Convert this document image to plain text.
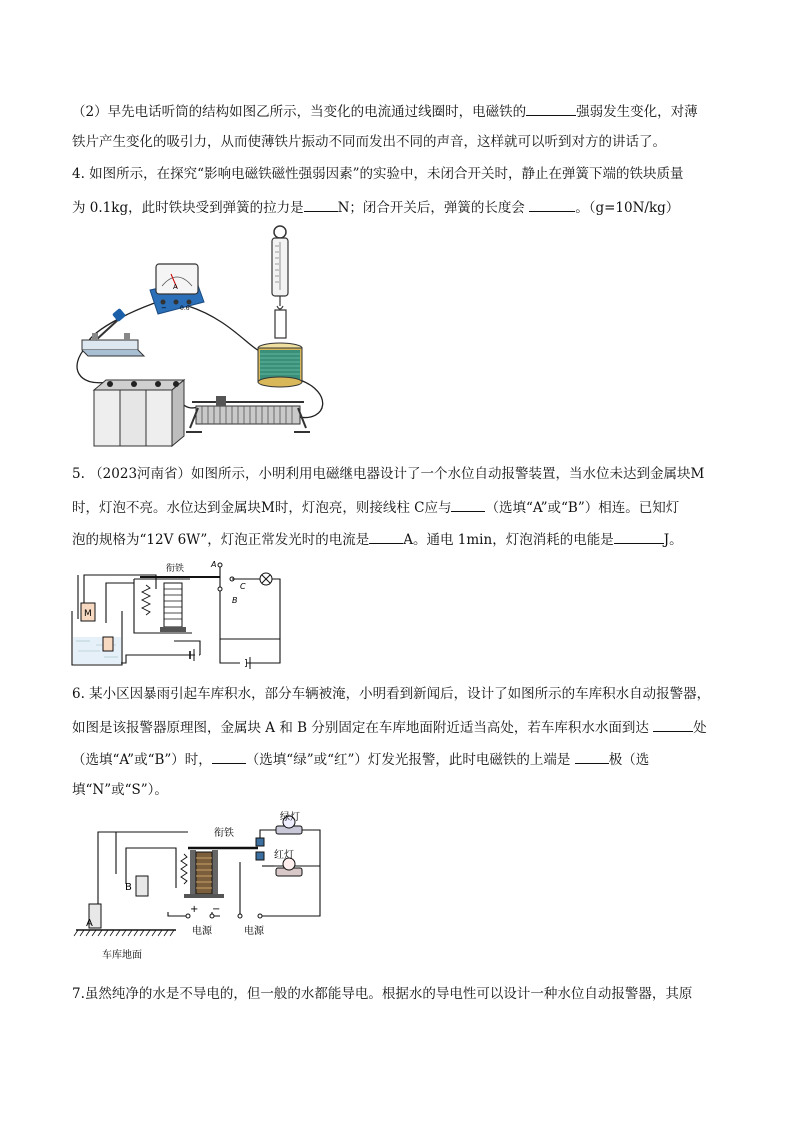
（2）早先电话听筒的结构如图乙所示，当变化的电流通过线圈时，电磁铁的	强弱发生变化，对薄
铁片产生变化的吸引力，从而使薄铁片振动不同而发出不同的声音，这样就可以听到对方的讲话了。
4. 如图所示，在探究“影响电磁铁磁性强弱因素”的实验中，未闭合开关时，静止在弹簧下端的铁块质量
为 0.1kg，此时铁块受到弹簧的拉力是	N；闭合开关后，弹簧的长度会	。（g=10N/kg）
A
0.6
−
5. （2023河南省）如图所示，小明利用电磁继电器设计了一个水位自动报警装置，当水位未达到金属块M
时，灯泡不亮。水位达到金属块M时，灯泡亮，则接线柱 C应与	（选填“A”或“B”）相连。已知灯
泡的规格为“12V 6W”，灯泡正常发光时的电流是	A。通电 1min，灯泡消耗的电能是	J。
M
衔铁	A
B
C
6. 某小区因暴雨引起车库积水，部分车辆被淹，小明看到新闻后，设计了如图所示的车库积水自动报警器，
如图是该报警器原理图，金属块 A 和 B 分别固定在车库地面附近适当高处，若车库积水水面到达	处
（选填“A”或“B”）时，	（选填“绿”或“红”）灯发光报警，此时电磁铁的上端是	极（选
填“N”或“S”）。
A
B
车库地面
衔铁
绿灯
红灯
+ −
电源	电源
7.虽然纯净的水是不导电的，但一般的水都能导电。根据水的导电性可以设计一种水位自动报警器，其原
